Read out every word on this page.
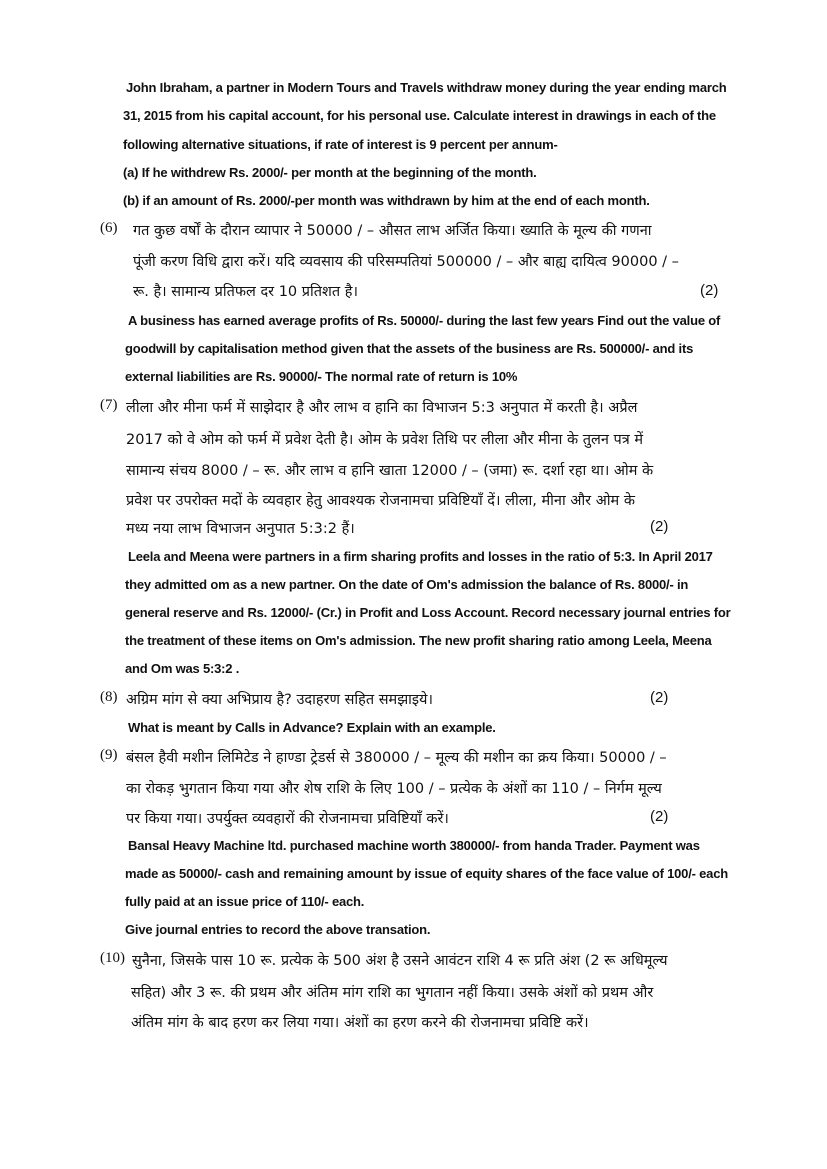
John Ibraham, a partner in Modern Tours and Travels withdraw money during the year ending march
31, 2015 from his capital account, for his personal use. Calculate interest in drawings in each of the
following alternative situations, if rate of interest is 9 percent per annum-
(a) If he withdrew Rs. 2000/- per month at the beginning of the month.
(b) if an amount of Rs. 2000/-per month was withdrawn by him at the end of each month.
(6) गत कुछ वर्षों के दौरान व्यापार ने 50000 / – औसत लाभ अर्जित किया। ख्याति के मूल्य की गणना
पूंजी करण विधि द्वारा करें। यदि व्यवसाय की परिसम्पतियां 500000 / – और बाह्य दायित्व 90000 / –
रू. है। सामान्य प्रतिफल दर 10 प्रतिशत है।	(2)
A business has earned average profits of Rs. 50000/- during the last few years Find out the value of
goodwill by capitalisation method given that the assets of the business are Rs. 500000/- and its
external liabilities are Rs. 90000/- The normal rate of return is 10%
(7) लीला और मीना फर्म में साझेदार है और लाभ व हानि का विभाजन 5:3 अनुपात में करती है। अप्रैल
2017 को वे ओम को फर्म में प्रवेश देती है। ओम के प्रवेश तिथि पर लीला और मीना के तुलन पत्र में
सामान्य संचय 8000 / – रू. और लाभ व हानि खाता 12000 / – (जमा) रू. दर्शा रहा था। ओम के
प्रवेश पर उपरोक्त मदों के व्यवहार हेतु आवश्यक रोजनामचा प्रविष्टियाँ दें। लीला, मीना और ओम के
मध्य नया लाभ विभाजन अनुपात 5:3:2 हैं।	(2)
Leela and Meena were partners in a firm sharing profits and losses in the ratio of 5:3. In April 2017
they admitted om as a new partner. On the date of Om's admission the balance of Rs. 8000/- in
general reserve and Rs. 12000/- (Cr.) in Profit and Loss Account. Record necessary journal entries for
the treatment of these items on Om's admission. The new profit sharing ratio among Leela, Meena
and Om was 5:3:2 .
(8) अग्रिम मांग से क्या अभिप्राय है? उदाहरण सहित समझाइये।	(2)
What is meant by Calls in Advance? Explain with an example.
(9) बंसल हैवी मशीन लिमिटेड ने हाण्डा ट्रेडर्स से 380000 / – मूल्य की मशीन का क्रय किया। 50000 / –
का रोकड़ भुगतान किया गया और शेष राशि के लिए 100 / – प्रत्येक के अंशों का 110 / – निर्गम मूल्य
पर किया गया। उपर्युक्त व्यवहारों की रोजनामचा प्रविष्टियाँ करें।	(2)
Bansal Heavy Machine ltd. purchased machine worth 380000/- from handa Trader. Payment was
made as 50000/- cash and remaining amount by issue of equity shares of the face value of 100/- each
fully paid at an issue price of 110/- each.
Give journal entries to record the above transation.
(10) सुनैना, जिसके पास 10 रू. प्रत्येक के 500 अंश है उसने आवंटन राशि 4 रू प्रति अंश (2 रू अधिमूल्य
सहित) और 3 रू. की प्रथम और अंतिम मांग राशि का भुगतान नहीं किया। उसके अंशों को प्रथम और
अंतिम मांग के बाद हरण कर लिया गया। अंशों का हरण करने की रोजनामचा प्रविष्टि करें।
